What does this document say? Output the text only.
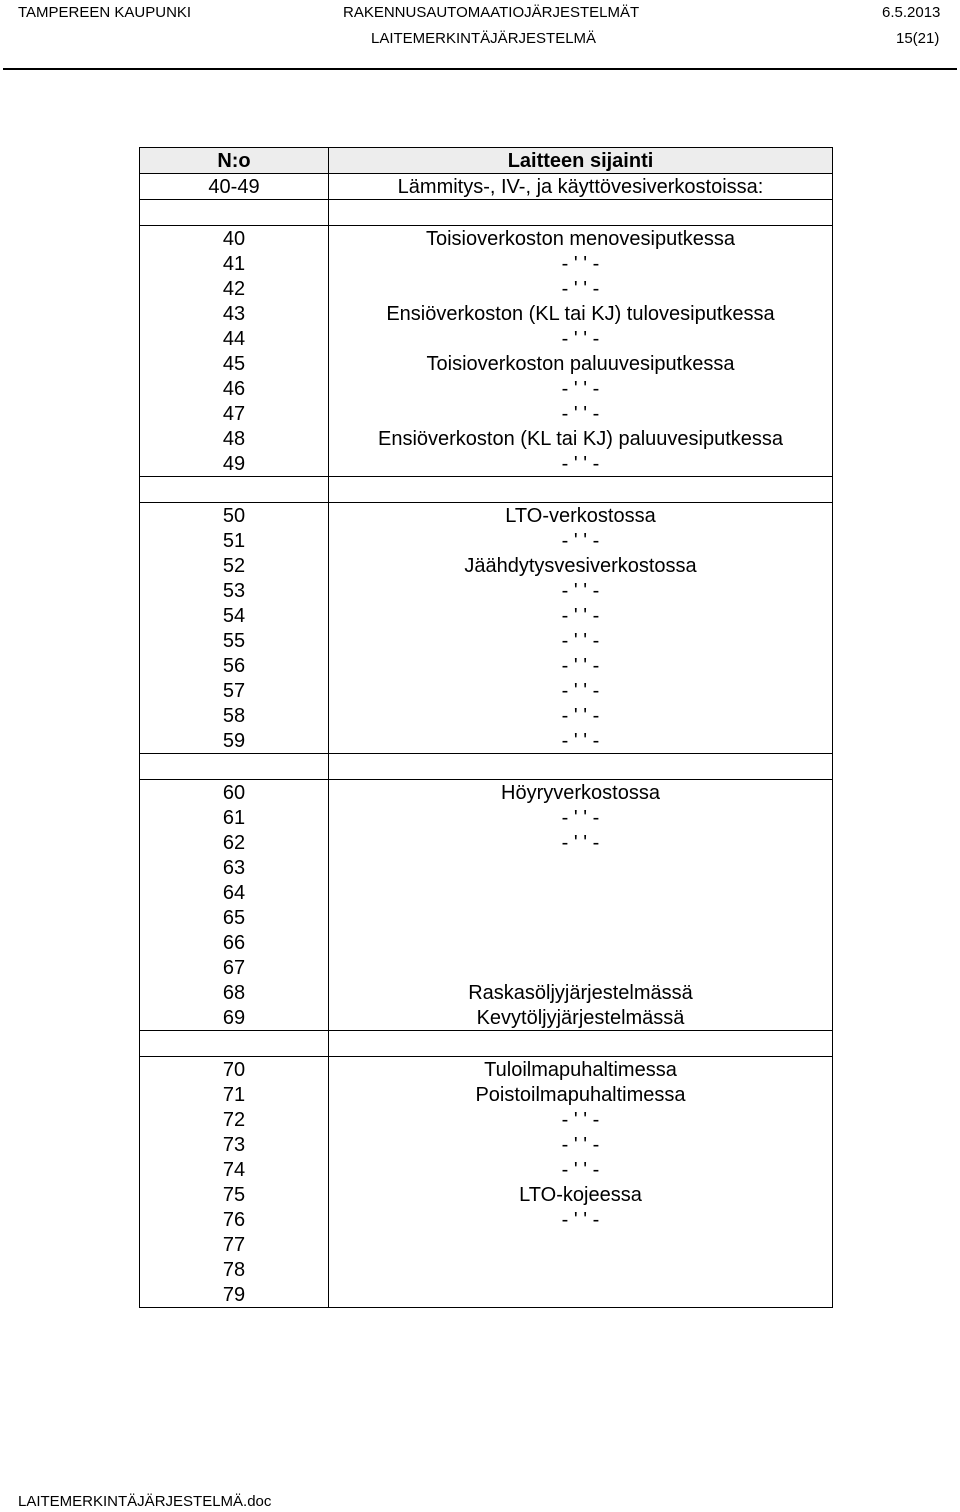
TAMPEREEN KAUPUNKI	RAKENNUSAUTOMAATIOJÄRJESTELMÄT	6.5.2013
LAITEMERKINTÄJÄRJESTELMÄ	15(21)
N:o	Laitteen sijainti
40-49	Lämmitys-, IV-, ja käyttövesiverkostoissa:

40	Toisioverkoston menovesiputkessa
41	- ' ' -
42	- ' ' -
43	Ensiöverkoston (KL tai KJ) tulovesiputkessa
44	- ' ' -
45	Toisioverkoston paluuvesiputkessa
46	- ' ' -
47	- ' ' -
48	Ensiöverkoston (KL tai KJ) paluuvesiputkessa
49	- ' ' -

50	LTO-verkostossa
51	- ' ' -
52	Jäähdytysvesiverkostossa
53	- ' ' -
54	- ' ' -
55	- ' ' -
56	- ' ' -
57	- ' ' -
58	- ' ' -
59	- ' ' -

60	Höyryverkostossa
61	- ' ' -
62	- ' ' -
63	
64	
65	
66	
67	
68	Raskasöljyjärjestelmässä
69	Kevytöljyjärjestelmässä

70	Tuloilmapuhaltimessa
71	Poistoilmapuhaltimessa
72	- ' ' -
73	- ' ' -
74	- ' ' -
75	LTO-kojeessa
76	- ' ' -
77	
78	
79	
LAITEMERKINTÄJÄRJESTELMÄ.doc
